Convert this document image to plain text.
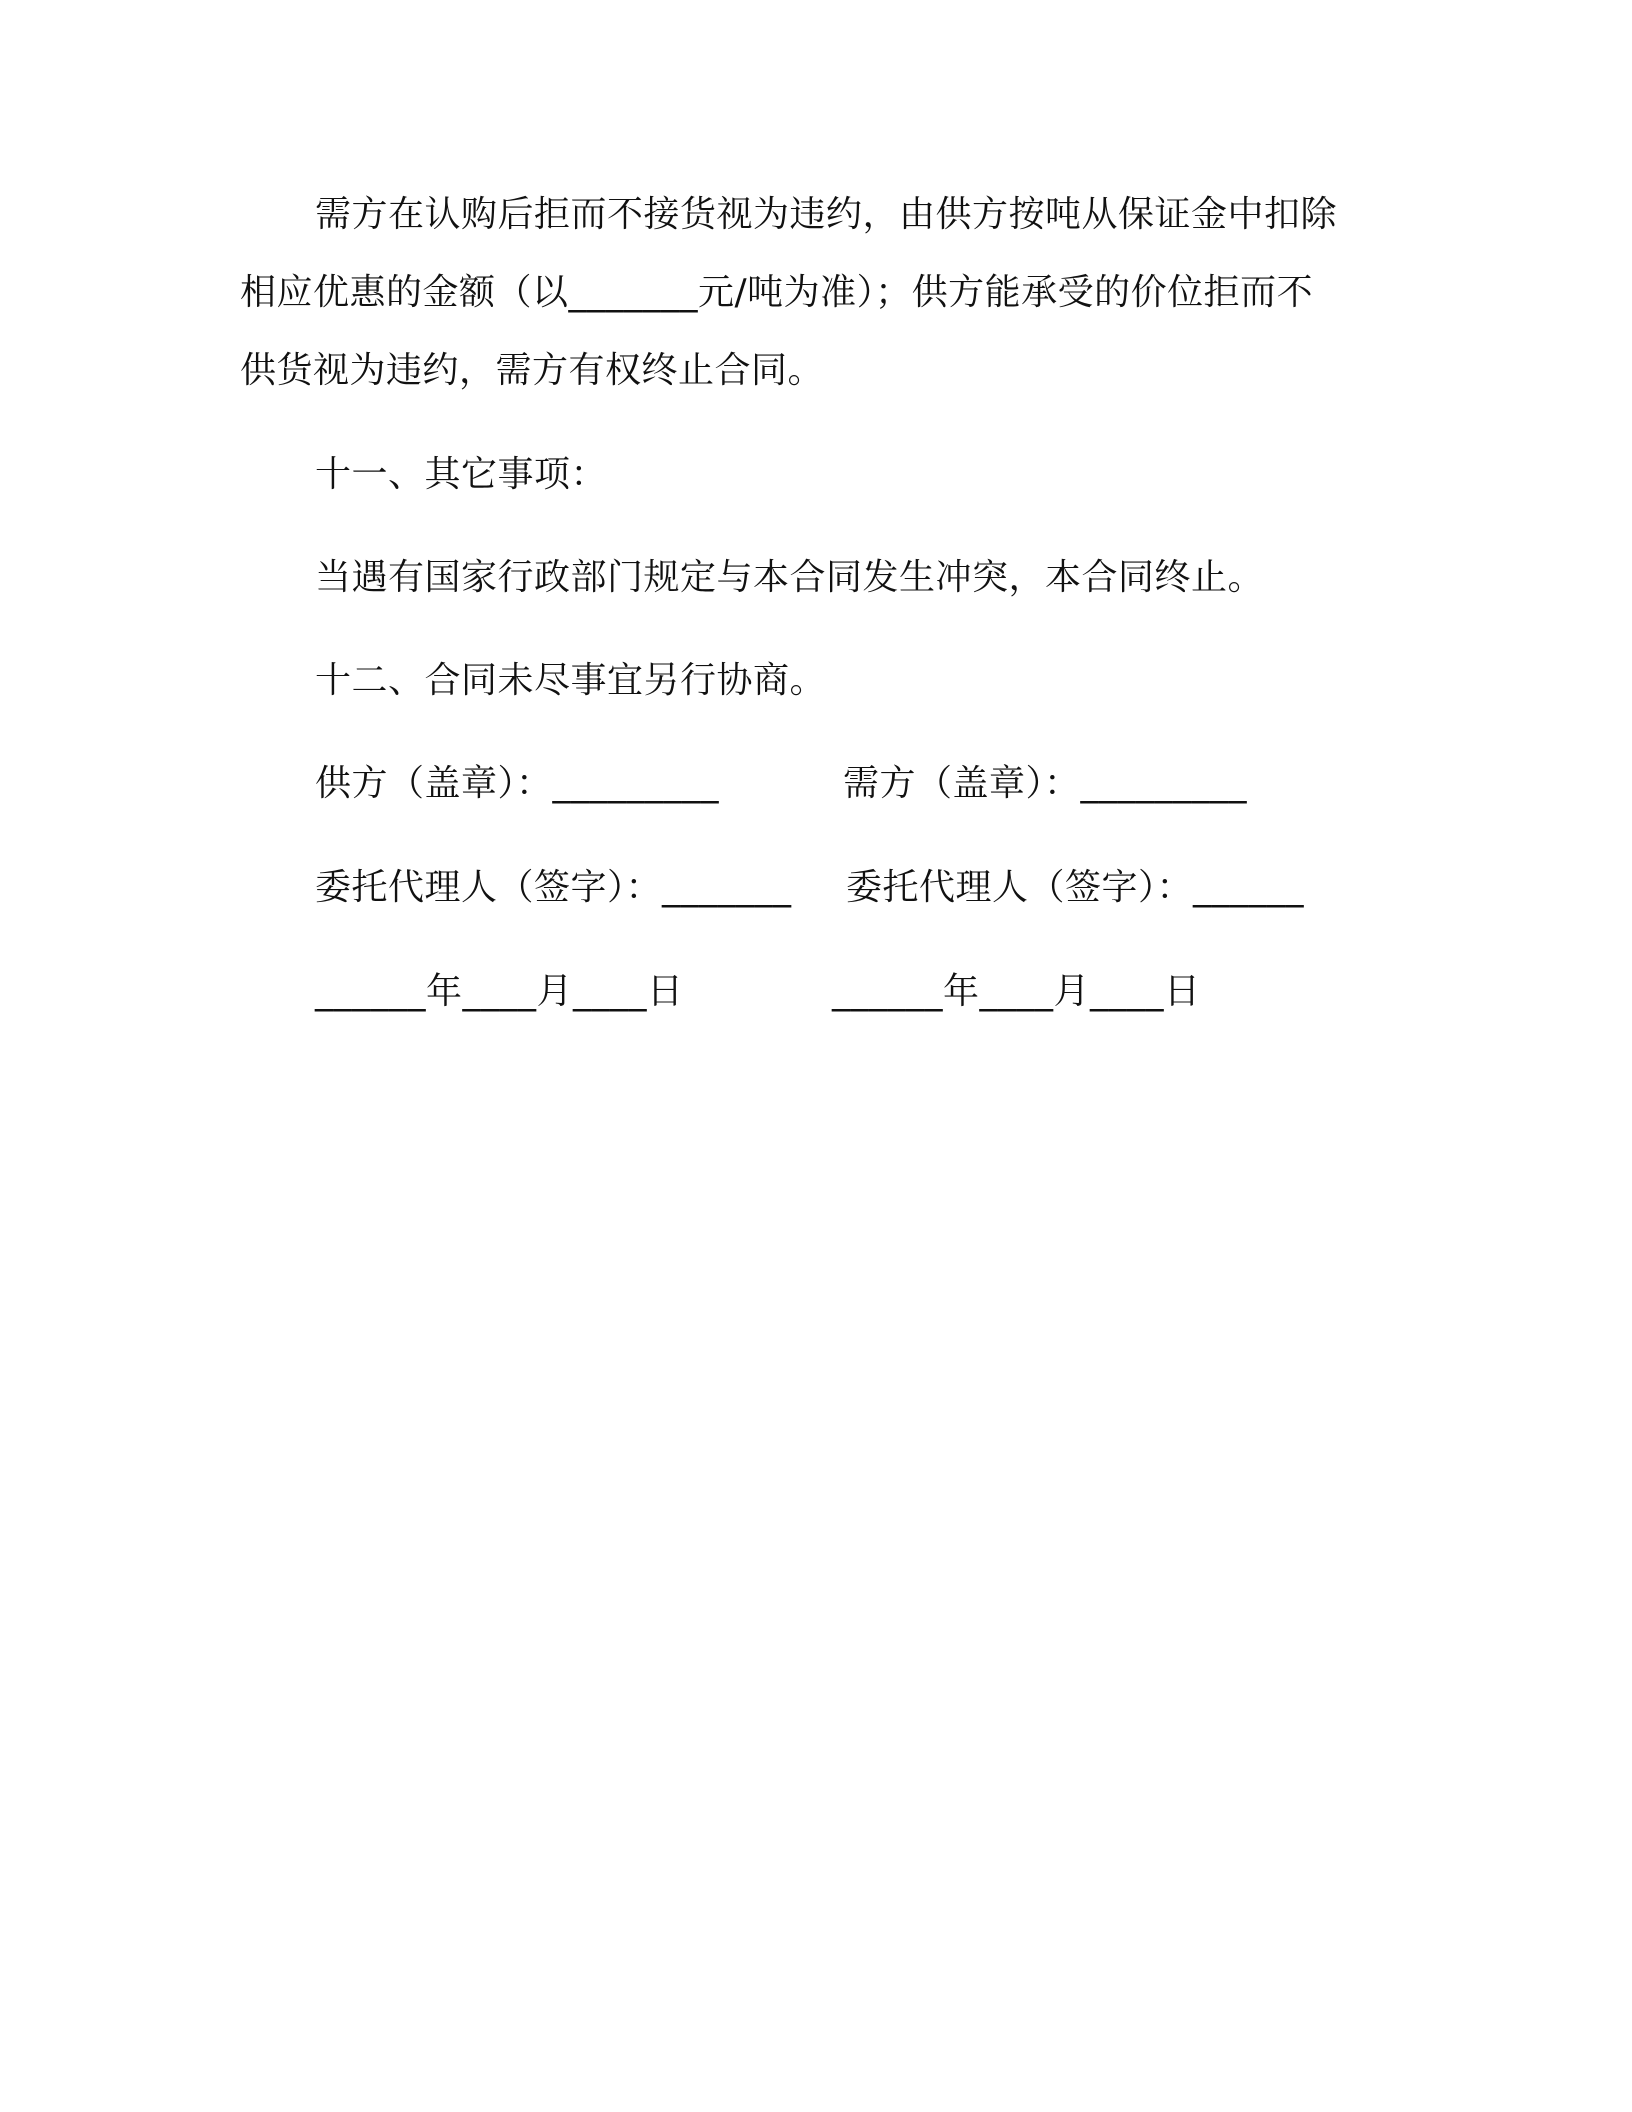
需方在认购后拒而不接货视为违约，由供方按吨从保证金中扣除
相应优惠的金额（以_______元/吨为准）；供方能承受的价位拒而不
供货视为违约，需方有权终止合同。
十一、其它事项：
当遇有国家行政部门规定与本合同发生冲突，本合同终止。
十二、合同未尽事宜另行协商。
供方（盖章）：_________	需方（盖章）：_________
委托代理人（签字）：_______ 委托代理人（签字）：______
______年____月____日	______年____月____日
